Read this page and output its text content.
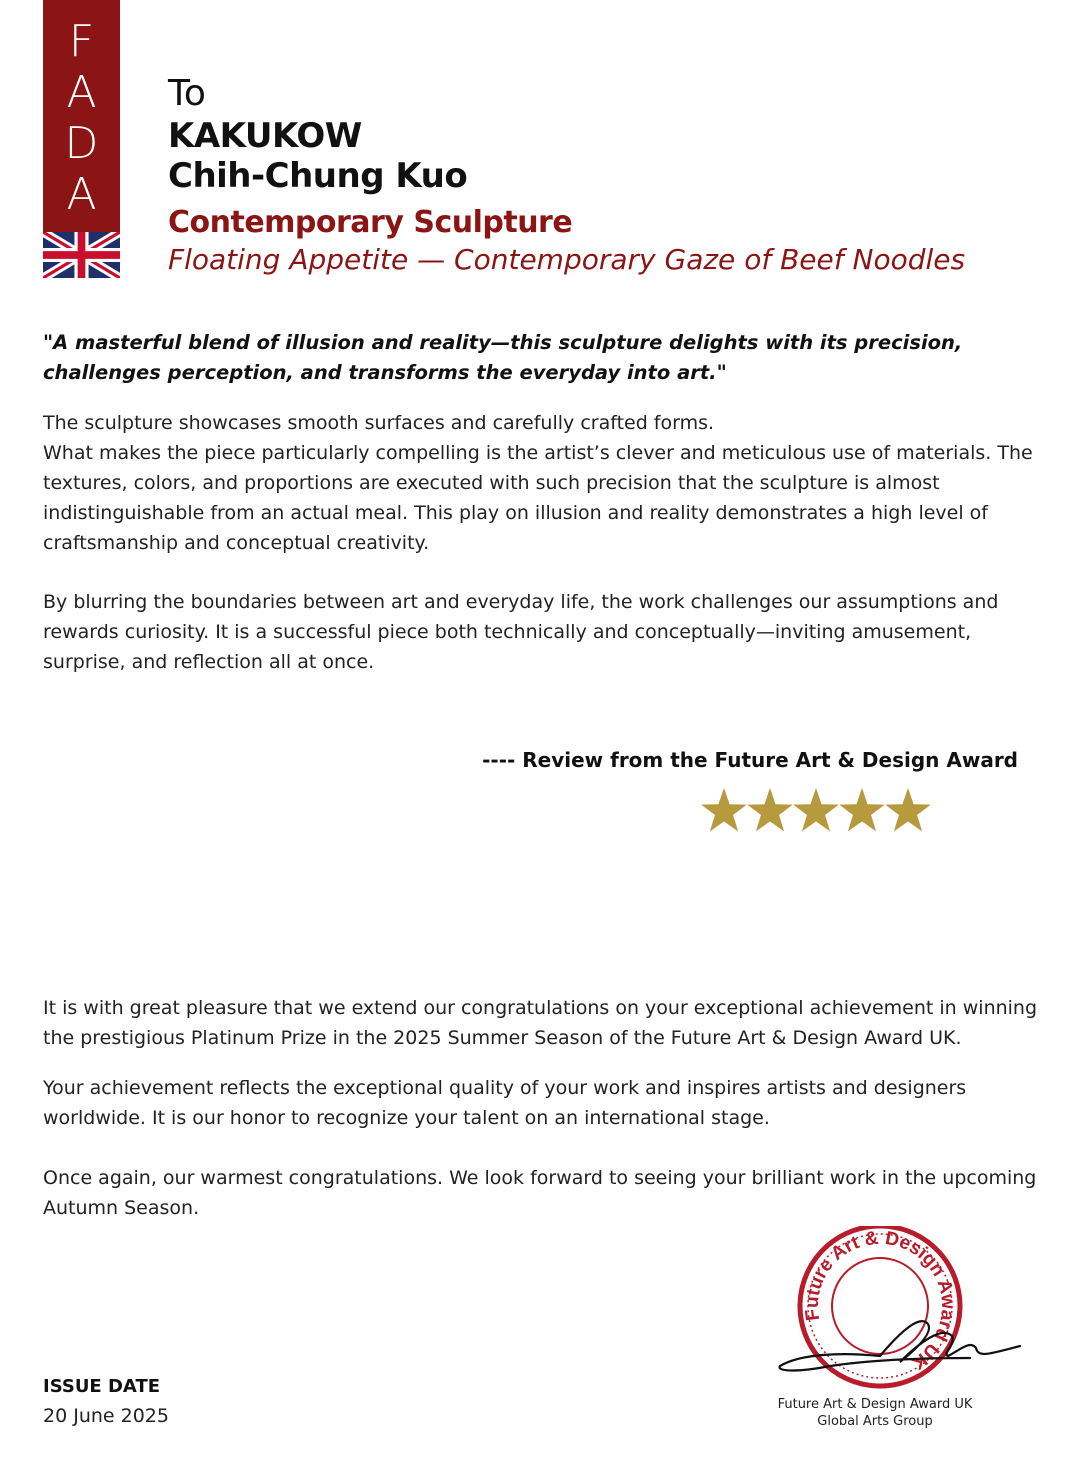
F
A
D
A
To
KAKUKOW
Chih-Chung Kuo
Contemporary Sculpture
Floating Appetite — Contemporary Gaze of Beef Noodles
"A masterful blend of illusion and reality—this sculpture delights with its precision, challenges perception, and transforms the everyday into art."
The sculpture showcases smooth surfaces and carefully crafted forms.
What makes the piece particularly compelling is the artist’s clever and meticulous use of materials. The textures, colors, and proportions are executed with such precision that the sculpture is almost indistinguishable from an actual meal. This play on illusion and reality demonstrates a high level of craftsmanship and conceptual creativity.
By blurring the boundaries between art and everyday life, the work challenges our assumptions and rewards curiosity. It is a successful piece both technically and conceptually—inviting amusement, surprise, and reflection all at once.
---- Review from the Future Art & Design Award
It is with great pleasure that we extend our congratulations on your exceptional achievement in winning the prestigious Platinum Prize in the 2025 Summer Season of the Future Art & Design Award UK.
Your achievement reflects the exceptional quality of your work and inspires artists and designers worldwide. It is our honor to recognize your talent on an international stage.
Once again, our warmest congratulations. We look forward to seeing your brilliant work in the upcoming Autumn Season.
Future Art & Design Award UK
Future Art & Design Award UK
Global Arts Group
ISSUE DATE
20 June 2025
